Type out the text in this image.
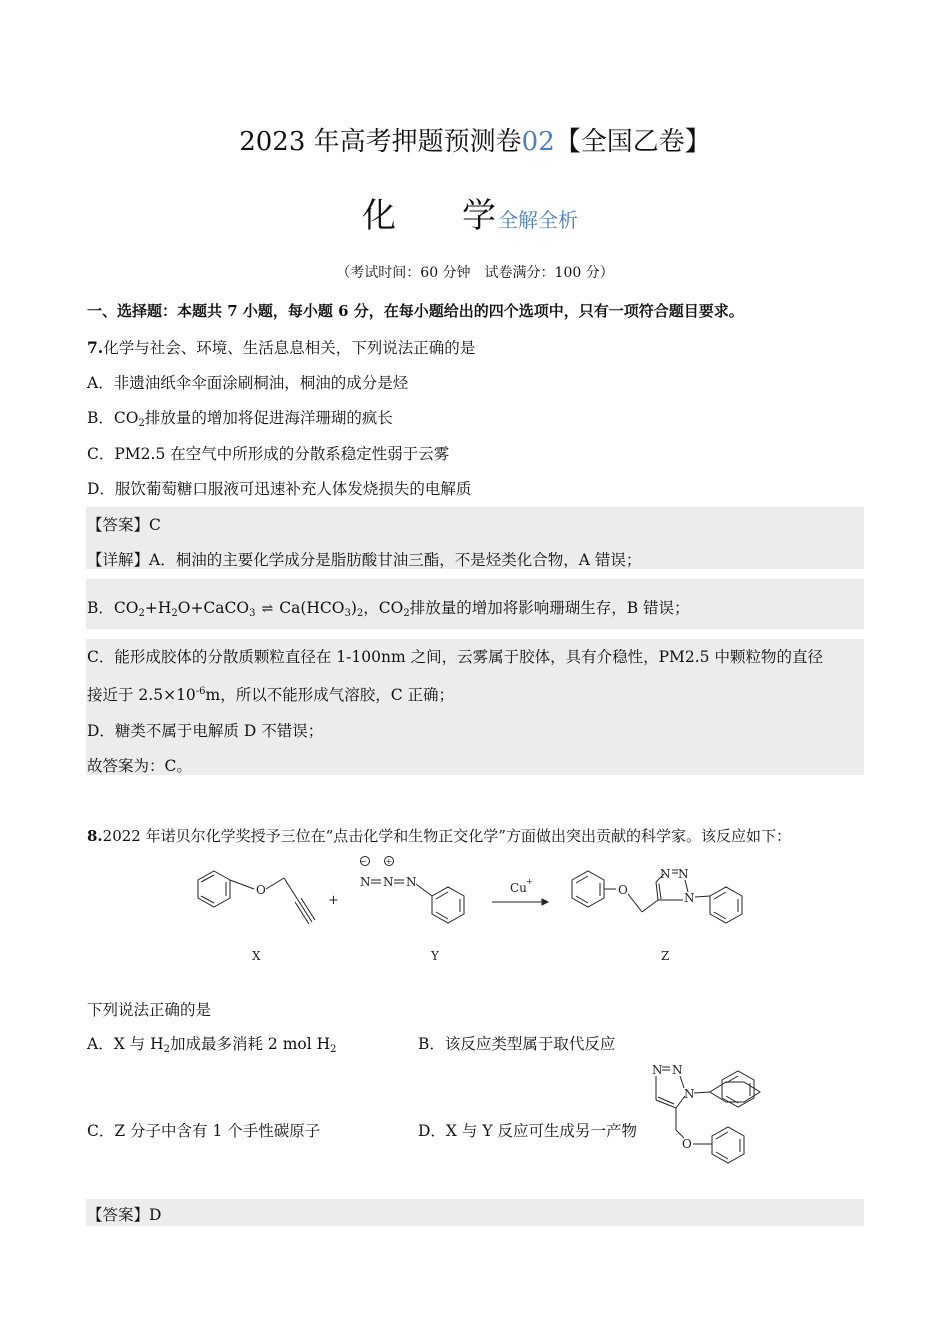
2023 年高考押题预测卷02【全国乙卷】
化 学 全解全析
（考试时间：60 分钟　试卷满分：100 分）
一、选择题：本题共 7 小题，每小题 6 分，在每小题给出的四个选项中，只有一项符合题目要求。
7.化学与社会、环境、生活息息相关，下列说法正确的是
A．非遗油纸伞伞面涂刷桐油，桐油的成分是烃
B．$CO_2$排放量的增加将促进海洋珊瑚的疯长
C．PM2.5 在空气中所形成的分散系稳定性弱于云雾
D．服饮葡萄糖口服液可迅速补充人体发烧损失的电解质
【答案】C
【详解】A．桐油的主要化学成分是脂肪酸甘油三酯，不是烃类化合物，A 错误；
B．$CO_2+H_2O+CaCO_3$ ⇌ $Ca(HCO_3)_2$，$CO_2$排放量的增加将影响珊瑚生存，B 错误；
C．能形成胶体的分散质颗粒直径在 1-100nm 之间，云雾属于胶体，具有介稳性，PM2.5 中颗粒物的直径
接近于 $2.5\times 10^{-6}m$，所以不能形成气溶胶，C 正确；
D．糖类不属于电解质 D 不错误；
故答案为：C。
8.2022 年诺贝尔化学奖授予三位在“点击化学和生物正交化学”方面做出突出贡献的科学家。该反应如下：
O
X
+
− +
N N N
Y
Cu +
O
N N
N
Z
下列说法正确的是
A．X 与 $H_2$加成最多消耗 2 mol $H_2$	B．该反应类型属于取代反应
C．Z 分子中含有 1 个手性碳原子	D．X 与 Y 反应可生成另一产物
N N
N
O
【答案】D
